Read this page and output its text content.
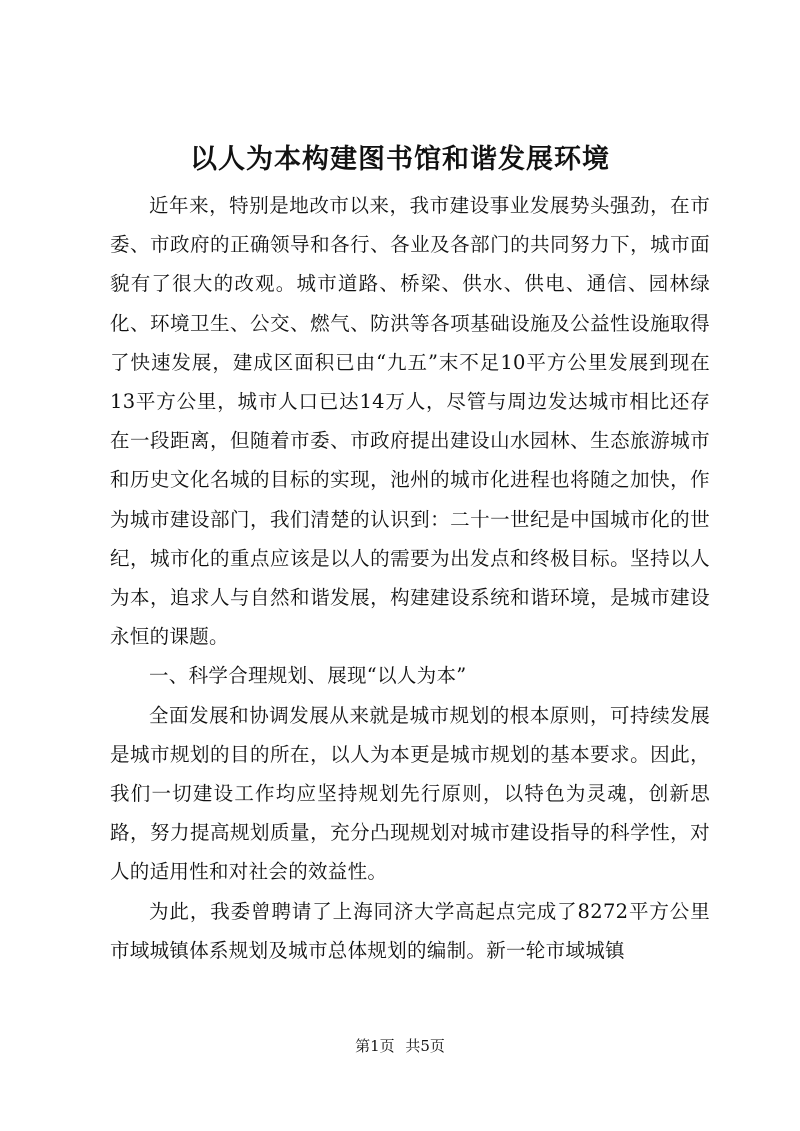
以人为本构建图书馆和谐发展环境

近年来，特别是地改市以来，我市建设事业发展势头强劲，在市委、市政府的正确领导和各行、各业及各部门的共同努力下，城市面貌有了很大的改观。城市道路、桥梁、供水、供电、通信、园林绿化、环境卫生、公交、燃气、防洪等各项基础设施及公益性设施取得了快速发展，建成区面积已由“九五”末不足10平方公里发展到现在13平方公里，城市人口已达14万人，尽管与周边发达城市相比还存在一段距离，但随着市委、市政府提出建设山水园林、生态旅游城市和历史文化名城的目标的实现，池州的城市化进程也将随之加快，作为城市建设部门，我们清楚的认识到：二十一世纪是中国城市化的世纪，城市化的重点应该是以人的需要为出发点和终极目标。坚持以人为本，追求人与自然和谐发展，构建建设系统和谐环境，是城市建设永恒的课题。

一、科学合理规划、展现“以人为本”

全面发展和协调发展从来就是城市规划的根本原则，可持续发展是城市规划的目的所在，以人为本更是城市规划的基本要求。因此，我们一切建设工作均应坚持规划先行原则，以特色为灵魂，创新思路，努力提高规划质量，充分凸现规划对城市建设指导的科学性，对人的适用性和对社会的效益性。

为此，我委曾聘请了上海同济大学高起点完成了8272平方公里市域城镇体系规划及城市总体规划的编制。新一轮市域城镇

第1页 共5页
